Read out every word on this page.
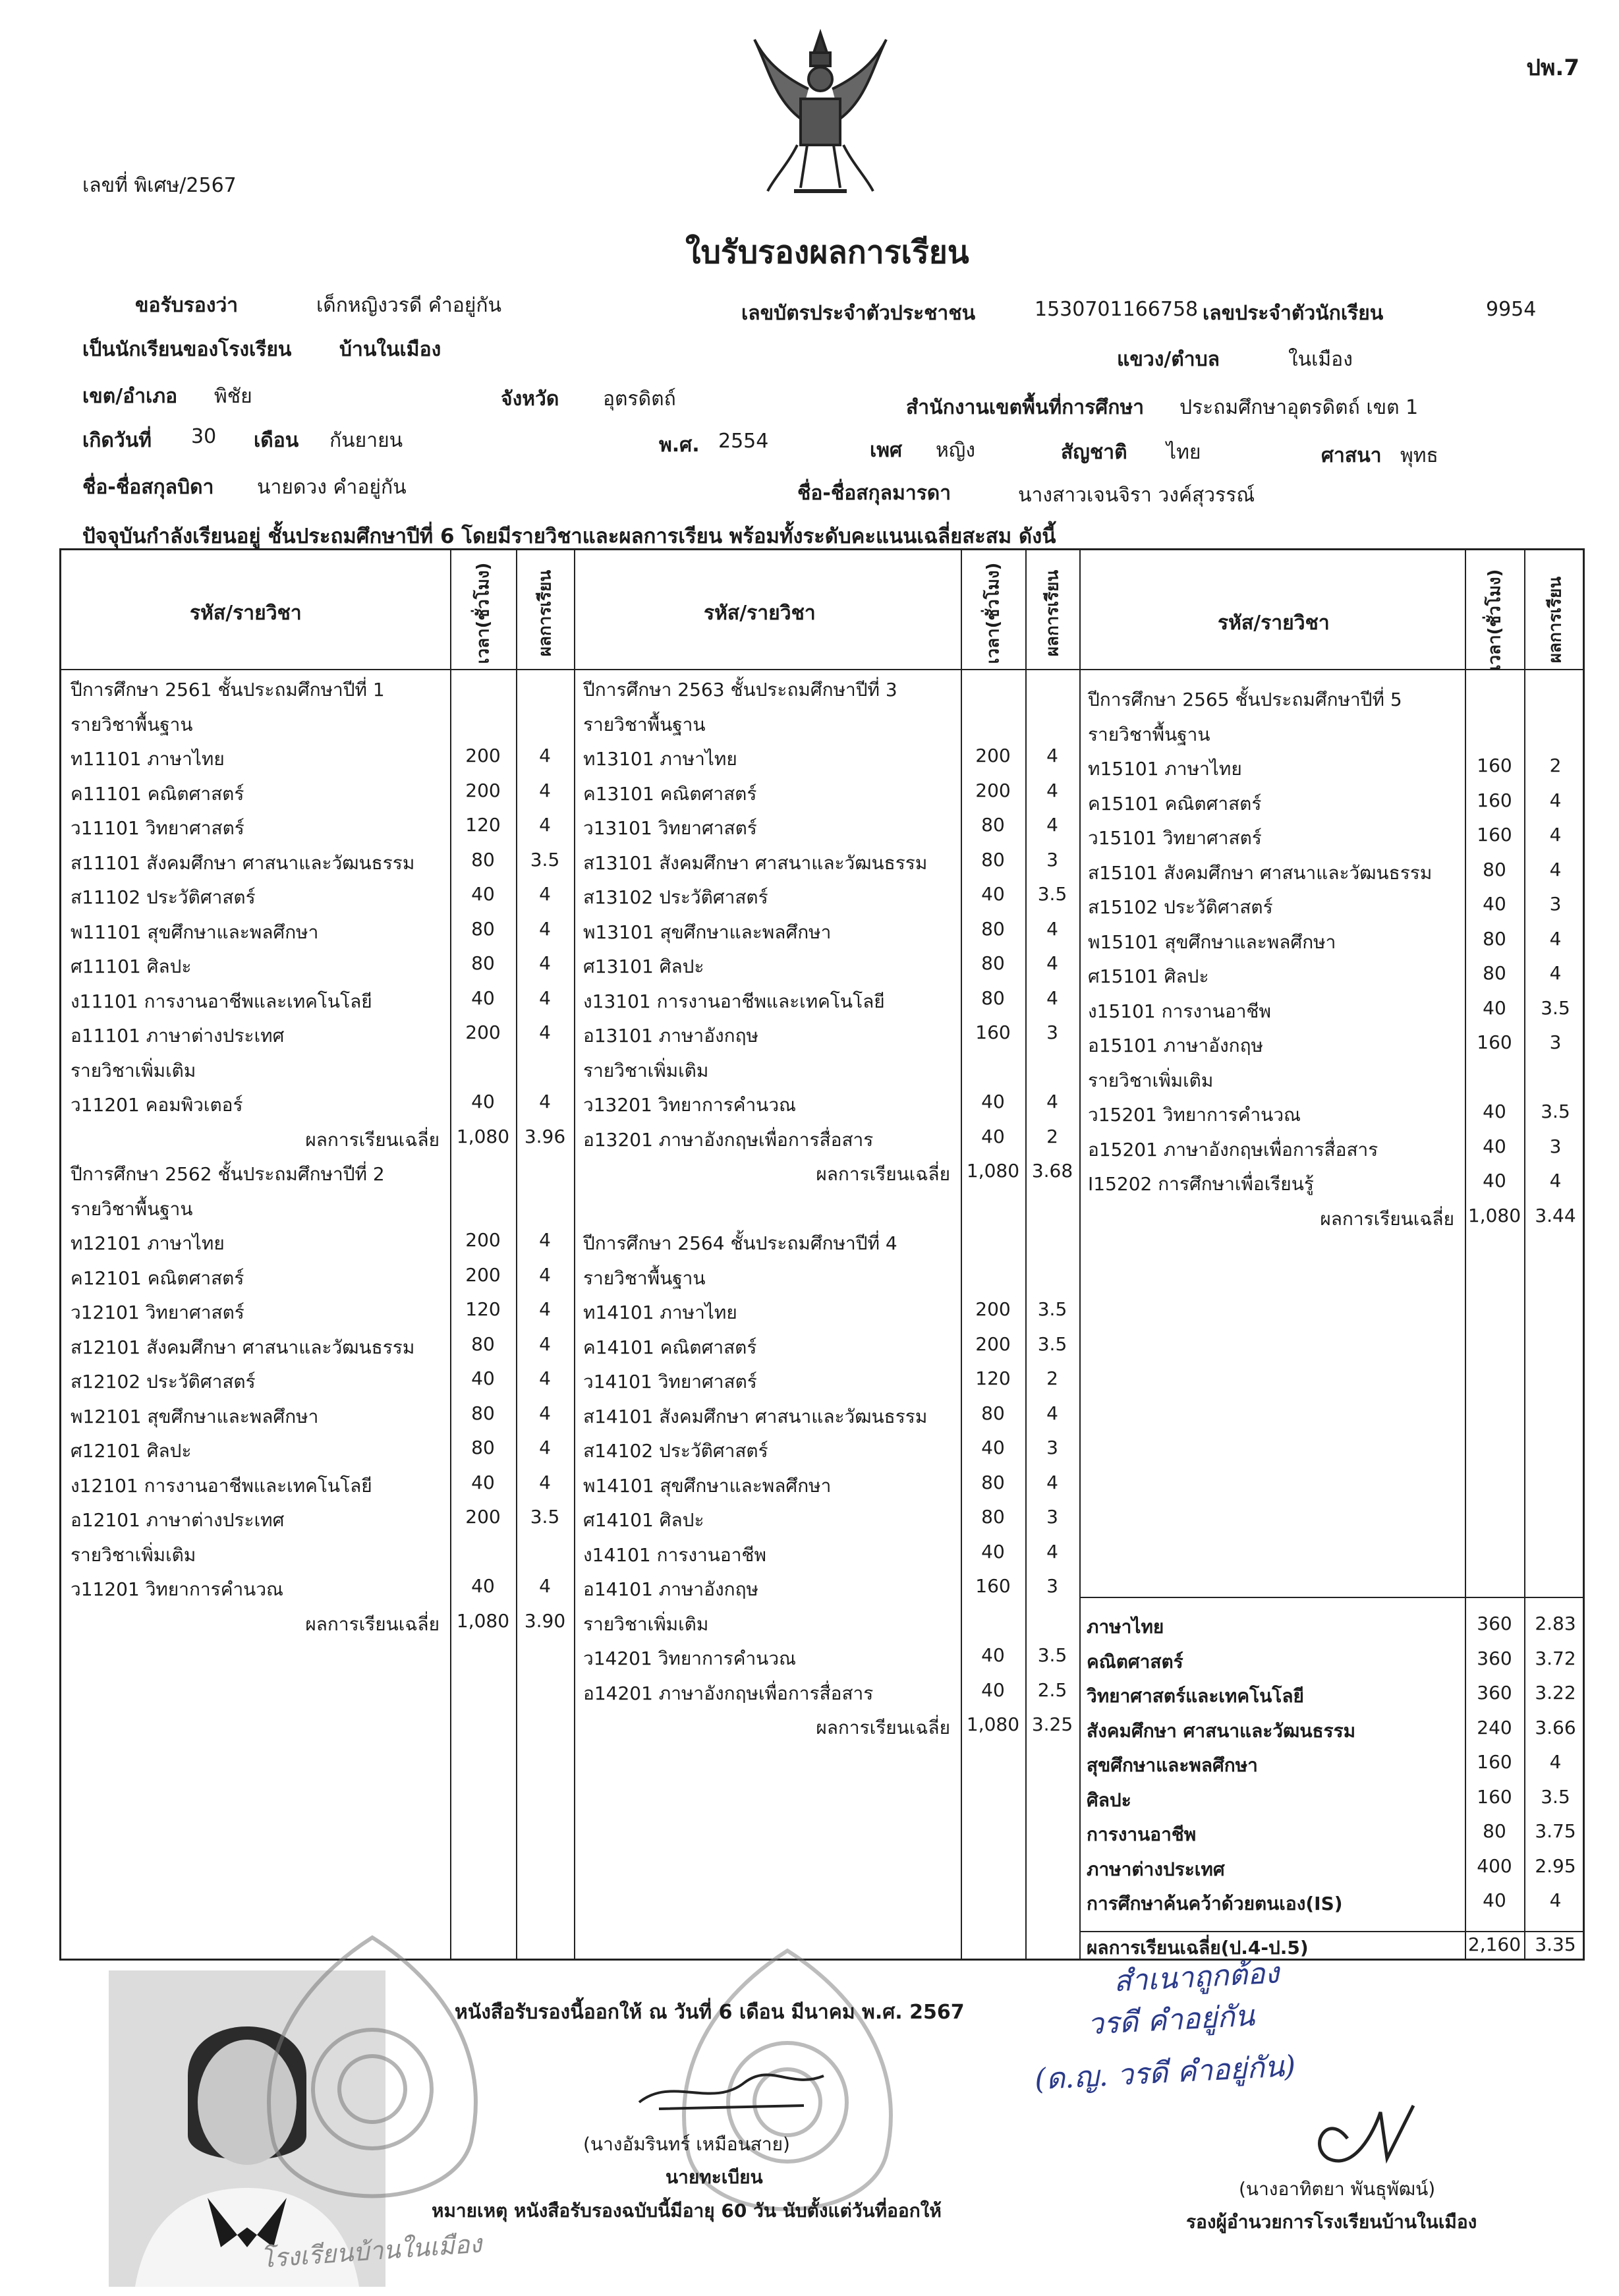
ปพ.7
เลขที่ พิเศษ/2567
ใบรับรองผลการเรียน
ขอรับรองว่า	เด็กหญิงวรดี คำอยู่กัน	เลขบัตรประจำตัวประชาชน	1530701166758 เลขประจำตัวนักเรียน	9954
เป็นนักเรียนของโรงเรียน บ้านในเมือง	แขวง/ตำบล	ในเมือง
เขต/อำเภอ พิชัย	จังหวัด อุตรดิตถ์	สำนักงานเขตพื้นที่การศึกษา ประถมศึกษาอุตรดิตถ์ เขต 1
เกิดวันที่ 30 เดือน กันยายน	พ.ศ. 2554	เพศ หญิง	สัญชาติ ไทย	ศาสนา พุทธ
ชื่อ-ชื่อสกุลบิดา นายดวง คำอยู่กัน	ชื่อ-ชื่อสกุลมารดา	นางสาวเจนจิรา วงค์สุวรรณ์
ปัจจุบันกำลังเรียนอยู่ ชั้นประถมศึกษาปีที่ 6 โดยมีรายวิชาและผลการเรียน พร้อมทั้งระดับคะแนนเฉลี่ยสะสม ดังนี้
รหัส/รายวิชา	รหัส/รายวิชา	รหัส/รายวิชา
เวลา(ชั่วโมง) ผลการเรียน	เวลา(ชั่วโมง) ผลการเรียน	เวลา(ชั่วโมง) ผลการเรียน
ปีการศึกษา 2561 ชั้นประถมศึกษาปีที่ 1
รายวิชาพื้นฐาน
ท11101 ภาษาไทย	200	4
ค11101 คณิตศาสตร์	200	4
ว11101 วิทยาศาสตร์	120	4
ส11101 สังคมศึกษา ศาสนาและวัฒนธรรม	80	3.5
ส11102 ประวัติศาสตร์	40	4
พ11101 สุขศึกษาและพลศึกษา	80	4
ศ11101 ศิลปะ	80	4
ง11101 การงานอาชีพและเทคโนโลยี	40	4
อ11101 ภาษาต่างประเทศ	200	4
รายวิชาเพิ่มเติม
ว11201 คอมพิวเตอร์	40	4
ผลการเรียนเฉลี่ย 1,080 3.96
ปีการศึกษา 2562 ชั้นประถมศึกษาปีที่ 2
รายวิชาพื้นฐาน
ท12101 ภาษาไทย	200	4
ค12101 คณิตศาสตร์	200	4
ว12101 วิทยาศาสตร์	120	4
ส12101 สังคมศึกษา ศาสนาและวัฒนธรรม	80	4
ส12102 ประวัติศาสตร์	40	4
พ12101 สุขศึกษาและพลศึกษา	80	4
ศ12101 ศิลปะ	80	4
ง12101 การงานอาชีพและเทคโนโลยี	40	4
อ12101 ภาษาต่างประเทศ	200	3.5
รายวิชาเพิ่มเติม
ว11201 วิทยาการคำนวณ	40	4
ผลการเรียนเฉลี่ย 1,080 3.90
ปีการศึกษา 2563 ชั้นประถมศึกษาปีที่ 3
รายวิชาพื้นฐาน
ท13101 ภาษาไทย	200	4
ค13101 คณิตศาสตร์	200	4
ว13101 วิทยาศาสตร์	80	4
ส13101 สังคมศึกษา ศาสนาและวัฒนธรรม	80	3
ส13102 ประวัติศาสตร์	40	3.5
พ13101 สุขศึกษาและพลศึกษา	80	4
ศ13101 ศิลปะ	80	4
ง13101 การงานอาชีพและเทคโนโลยี	80	4
อ13101 ภาษาอังกฤษ	160	3
รายวิชาเพิ่มเติม
ว13201 วิทยาการคำนวณ	40	4
อ13201 ภาษาอังกฤษเพื่อการสื่อสาร	40	2
ผลการเรียนเฉลี่ย 1,080 3.68
ปีการศึกษา 2564 ชั้นประถมศึกษาปีที่ 4
รายวิชาพื้นฐาน
ท14101 ภาษาไทย	200	3.5
ค14101 คณิตศาสตร์	200	3.5
ว14101 วิทยาศาสตร์	120	2
ส14101 สังคมศึกษา ศาสนาและวัฒนธรรม	80	4
ส14102 ประวัติศาสตร์	40	3
พ14101 สุขศึกษาและพลศึกษา	80	4
ศ14101 ศิลปะ	80	3
ง14101 การงานอาชีพ	40	4
อ14101 ภาษาอังกฤษ	160	3
รายวิชาเพิ่มเติม
ว14201 วิทยาการคำนวณ	40	3.5
อ14201 ภาษาอังกฤษเพื่อการสื่อสาร	40	2.5
ผลการเรียนเฉลี่ย 1,080 3.25
ปีการศึกษา 2565 ชั้นประถมศึกษาปีที่ 5
รายวิชาพื้นฐาน
ท15101 ภาษาไทย	160	2
ค15101 คณิตศาสตร์	160	4
ว15101 วิทยาศาสตร์	160	4
ส15101 สังคมศึกษา ศาสนาและวัฒนธรรม	80	4
ส15102 ประวัติศาสตร์	40	3
พ15101 สุขศึกษาและพลศึกษา	80	4
ศ15101 ศิลปะ	80	4
ง15101 การงานอาชีพ	40	3.5
อ15101 ภาษาอังกฤษ	160	3
รายวิชาเพิ่มเติม
ว15201 วิทยาการคำนวณ	40	3.5
อ15201 ภาษาอังกฤษเพื่อการสื่อสาร	40	3
I15202 การศึกษาเพื่อเรียนรู้	40	4
ผลการเรียนเฉลี่ย 1,080 3.44
ภาษาไทย	360	2.83
คณิตศาสตร์	360	3.72
วิทยาศาสตร์และเทคโนโลยี	360	3.22
สังคมศึกษา ศาสนาและวัฒนธรรม	240	3.66
สุขศึกษาและพลศึกษา	160	4
ศิลปะ	160	3.5
การงานอาชีพ	80	3.75
ภาษาต่างประเทศ	400	2.95
การศึกษาค้นคว้าด้วยตนเอง(IS)	40	4
ผลการเรียนเฉลี่ย(ป.4-ป.5)	2,160 3.35
โรงเรียนบ้านในเมือง
หนังสือรับรองนี้ออกให้ ณ วันที่ 6 เดือน มีนาคม พ.ศ. 2567
(นางอัมรินทร์ เหมือนสาย)
นายทะเบียน
หมายเหตุ หนังสือรับรองฉบับนี้มีอายุ 60 วัน นับตั้งแต่วันที่ออกให้
สำเนาถูกต้อง
วรดี คำอยู่กัน
(ด.ญ. วรดี คำอยู่กัน)
(นางอาทิตยา พันธุพัฒน์)
รองผู้อำนวยการโรงเรียนบ้านในเมือง
